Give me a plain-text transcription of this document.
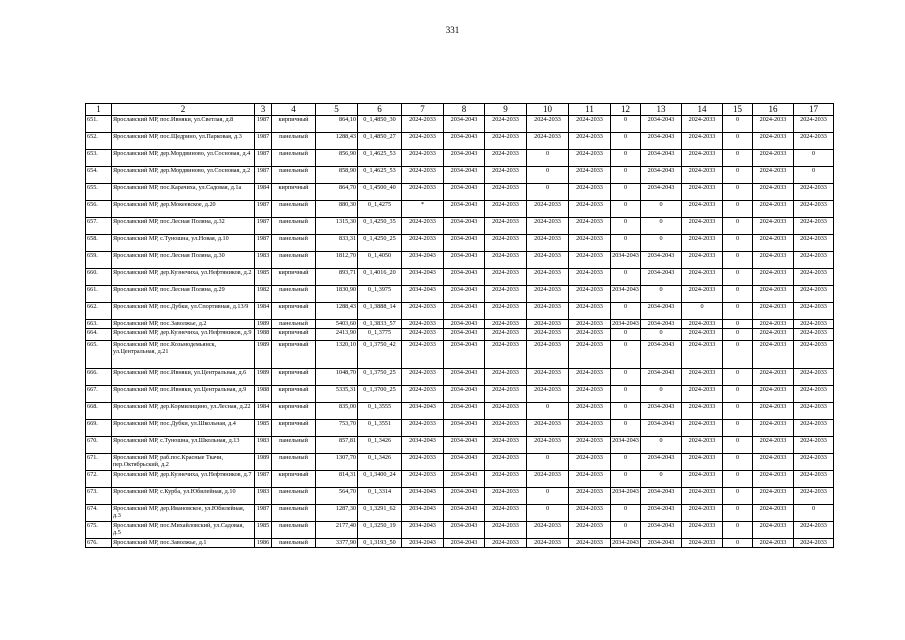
331
1	2	3	4	5	6	7	8	9	10	11	12	13	14	15	16	17
651.	Ярославский МР, пос.Ивняки, ул.Светлая, д.8	1987	кирпичный	864,10	0_1,4850_30	2024-2033	2034-2043	2024-2033	2024-2033	2024-2033	0	2034-2043	2024-2033	0	2024-2033	2024-2033
652.	Ярославский МР, пос.Щедрино, ул.Парковая, д.3	1987	панельный	1288,43	0_1,4850_27	2024-2033	2034-2043	2024-2033	2024-2033	2024-2033	0	2034-2043	2024-2033	0	2024-2033	2024-2033
653.	Ярославский МР, дер.Мордвиново, ул.Сосновая, д.4	1987	панельный	856,90	0_1,4625_53	2024-2033	2034-2043	2024-2033	0	2024-2033	0	2034-2043	2024-2033	0	2024-2033	0
654.	Ярославский МР, дер.Мордвиново, ул.Сосновая, д.2	1987	панельный	858,90	0_1,4625_53	2024-2033	2034-2043	2024-2033	0	2024-2033	0	2034-2043	2024-2033	0	2024-2033	0
655.	Ярославский МР, пос.Карачиха, ул.Садовая, д.1а	1984	кирпичный	864,70	0_1,4500_40	2024-2033	2034-2043	2024-2033	0	2024-2033	0	2034-2043	2024-2033	0	2024-2033	2024-2033
656.	Ярославский МР, дер.Мокеевское, д.20	1987	панельный	880,30	0_1,4275	*	2034-2043	2024-2033	2024-2033	2024-2033	0	0	2024-2033	0	2024-2033	2024-2033
657.	Ярославский МР, пос.Лесная Поляна, д.32	1987	панельный	1315,30	0_1,4250_35	2024-2033	2034-2043	2024-2033	2024-2033	2024-2033	0	0	2024-2033	0	2024-2033	2024-2033
658.	Ярославский МР, с.Туношна, ул.Новая, д.10	1987	панельный	833,31	0_1,4250_25	2024-2033	2034-2043	2024-2033	2024-2033	2024-2033	0	0	2024-2033	0	2024-2033	2024-2033
659.	Ярославский МР, пос.Лесная Поляна, д.30	1983	панельный	1812,70	0_1,4050	2034-2043	2034-2043	2024-2033	2024-2033	2024-2033	2034-2043	2034-2043	2024-2033	0	2024-2033	2024-2033
660.	Ярославский МР, дер.Кузнечиха, ул.Нефтяников, д.2	1985	кирпичный	893,71	0_1,4016_20	2034-2043	2034-2043	2024-2033	2024-2033	2024-2033	0	2034-2043	2024-2033	0	2024-2033	2024-2033
661.	Ярославский МР, пос.Лесная Поляна, д.29	1982	панельный	1830,90	0_1,3975	2034-2043	2034-2043	2024-2033	2024-2033	2024-2033	2034-2043	0	2024-2033	0	2024-2033	2024-2033
662.	Ярославский МР, пос.Дубки, ул.Спортивная, д.13/9	1984	кирпичный	1288,43	0_1,3888_14	2024-2033	2034-2043	2024-2033	2024-2033	2024-2033	0	2034-2043	0	0	2024-2033	2024-2033
663.	Ярославский МР, пос.Заволжье, д.2	1989	панельный	5403,60	0_1,3833_57	2024-2033	2034-2043	2024-2033	2024-2033	2024-2033	2034-2043	2034-2043	2024-2033	0	2024-2033	2024-2033
664.	Ярославский МР, дер.Кузнечиха, ул.Нефтяников, д.9	1988	кирпичный	2413,90	0_1,3775	2024-2033	2034-2043	2024-2033	2024-2033	2024-2033	0	0	2024-2033	0	2024-2033	2024-2033
665.	Ярославский МР, пос.Козьмодемьянск, ул.Центральная, д.21	1989	кирпичный	1320,10	0_1,3750_42	2024-2033	2034-2043	2024-2033	2024-2033	2024-2033	0	2034-2043	2024-2033	0	2024-2033	2024-2033
666.	Ярославский МР, пос.Ивняки, ул.Центральная, д.6	1989	кирпичный	1048,70	0_1,3750_25	2024-2033	2034-2043	2024-2033	2024-2033	2024-2033	0	2034-2043	2024-2033	0	2024-2033	2024-2033
667.	Ярославский МР, пос.Ивняки, ул.Центральная, д.9	1988	кирпичный	5335,31	0_1,3700_25	2024-2033	2034-2043	2024-2033	2024-2033	2024-2033	0	0	2024-2033	0	2024-2033	2024-2033
668.	Ярославский МР, дер.Кормилицино, ул.Лесная, д.22	1984	кирпичный	835,00	0_1,3555	2034-2043	2034-2043	2024-2033	0	2024-2033	0	2034-2043	2024-2033	0	2024-2033	2024-2033
669.	Ярославский МР, пос.Дубки, ул.Школьная, д.4	1985	кирпичный	753,70	0_1,3551	2024-2033	2034-2043	2024-2033	2024-2033	2024-2033	0	2034-2043	2024-2033	0	2024-2033	2024-2033
670.	Ярославский МР, с.Туношна, ул.Школьная, д.13	1983	панельный	857,81	0_1,3426	2034-2043	2034-2043	2024-2033	2024-2033	2024-2033	2034-2043	0	2024-2033	0	2024-2033	2024-2033
671.	Ярославский МР, раб.пос.Красные Ткачи, пер.Октябрьский, д.2	1989	панельный	1307,70	0_1,3426	2024-2033	2034-2043	2024-2033	0	2024-2033	0	2034-2043	2024-2033	0	2024-2033	2024-2033
672.	Ярославский МР, дер.Кузнечиха, ул.Нефтяников, д.7	1987	кирпичный	814,31	0_1,3400_24	2024-2033	2034-2043	2024-2033	2024-2033	2024-2033	0	0	2024-2033	0	2024-2033	2024-2033
673.	Ярославский МР, с.Курба, ул.Юбилейная, д.10	1983	панельный	564,70	0_1,3314	2034-2043	2034-2043	2024-2033	0	2024-2033	2034-2043	2034-2043	2024-2033	0	2024-2033	2024-2033
674.	Ярославский МР, дер.Ивановское, ул.Юбилейная, д.3	1987	панельный	1287,30	0_1,3291_62	2034-2043	2034-2043	2024-2033	0	2024-2033	0	2034-2043	2024-2033	0	2024-2033	0
675.	Ярославский МР, пос.Михайловский, ул.Садовая, д.5	1985	панельный	2177,40	0_1,3250_19	2034-2043	2034-2043	2024-2033	2024-2033	2024-2033	0	2034-2043	2024-2033	0	2024-2033	2024-2033
676.	Ярославский МР, пос.Заволжье, д.1	1986	панельный	3377,90	0_1,3193_50	2034-2043	2034-2043	2024-2033	2024-2033	2024-2033	2034-2043	2034-2043	2024-2033	0	2024-2033	2024-2033
